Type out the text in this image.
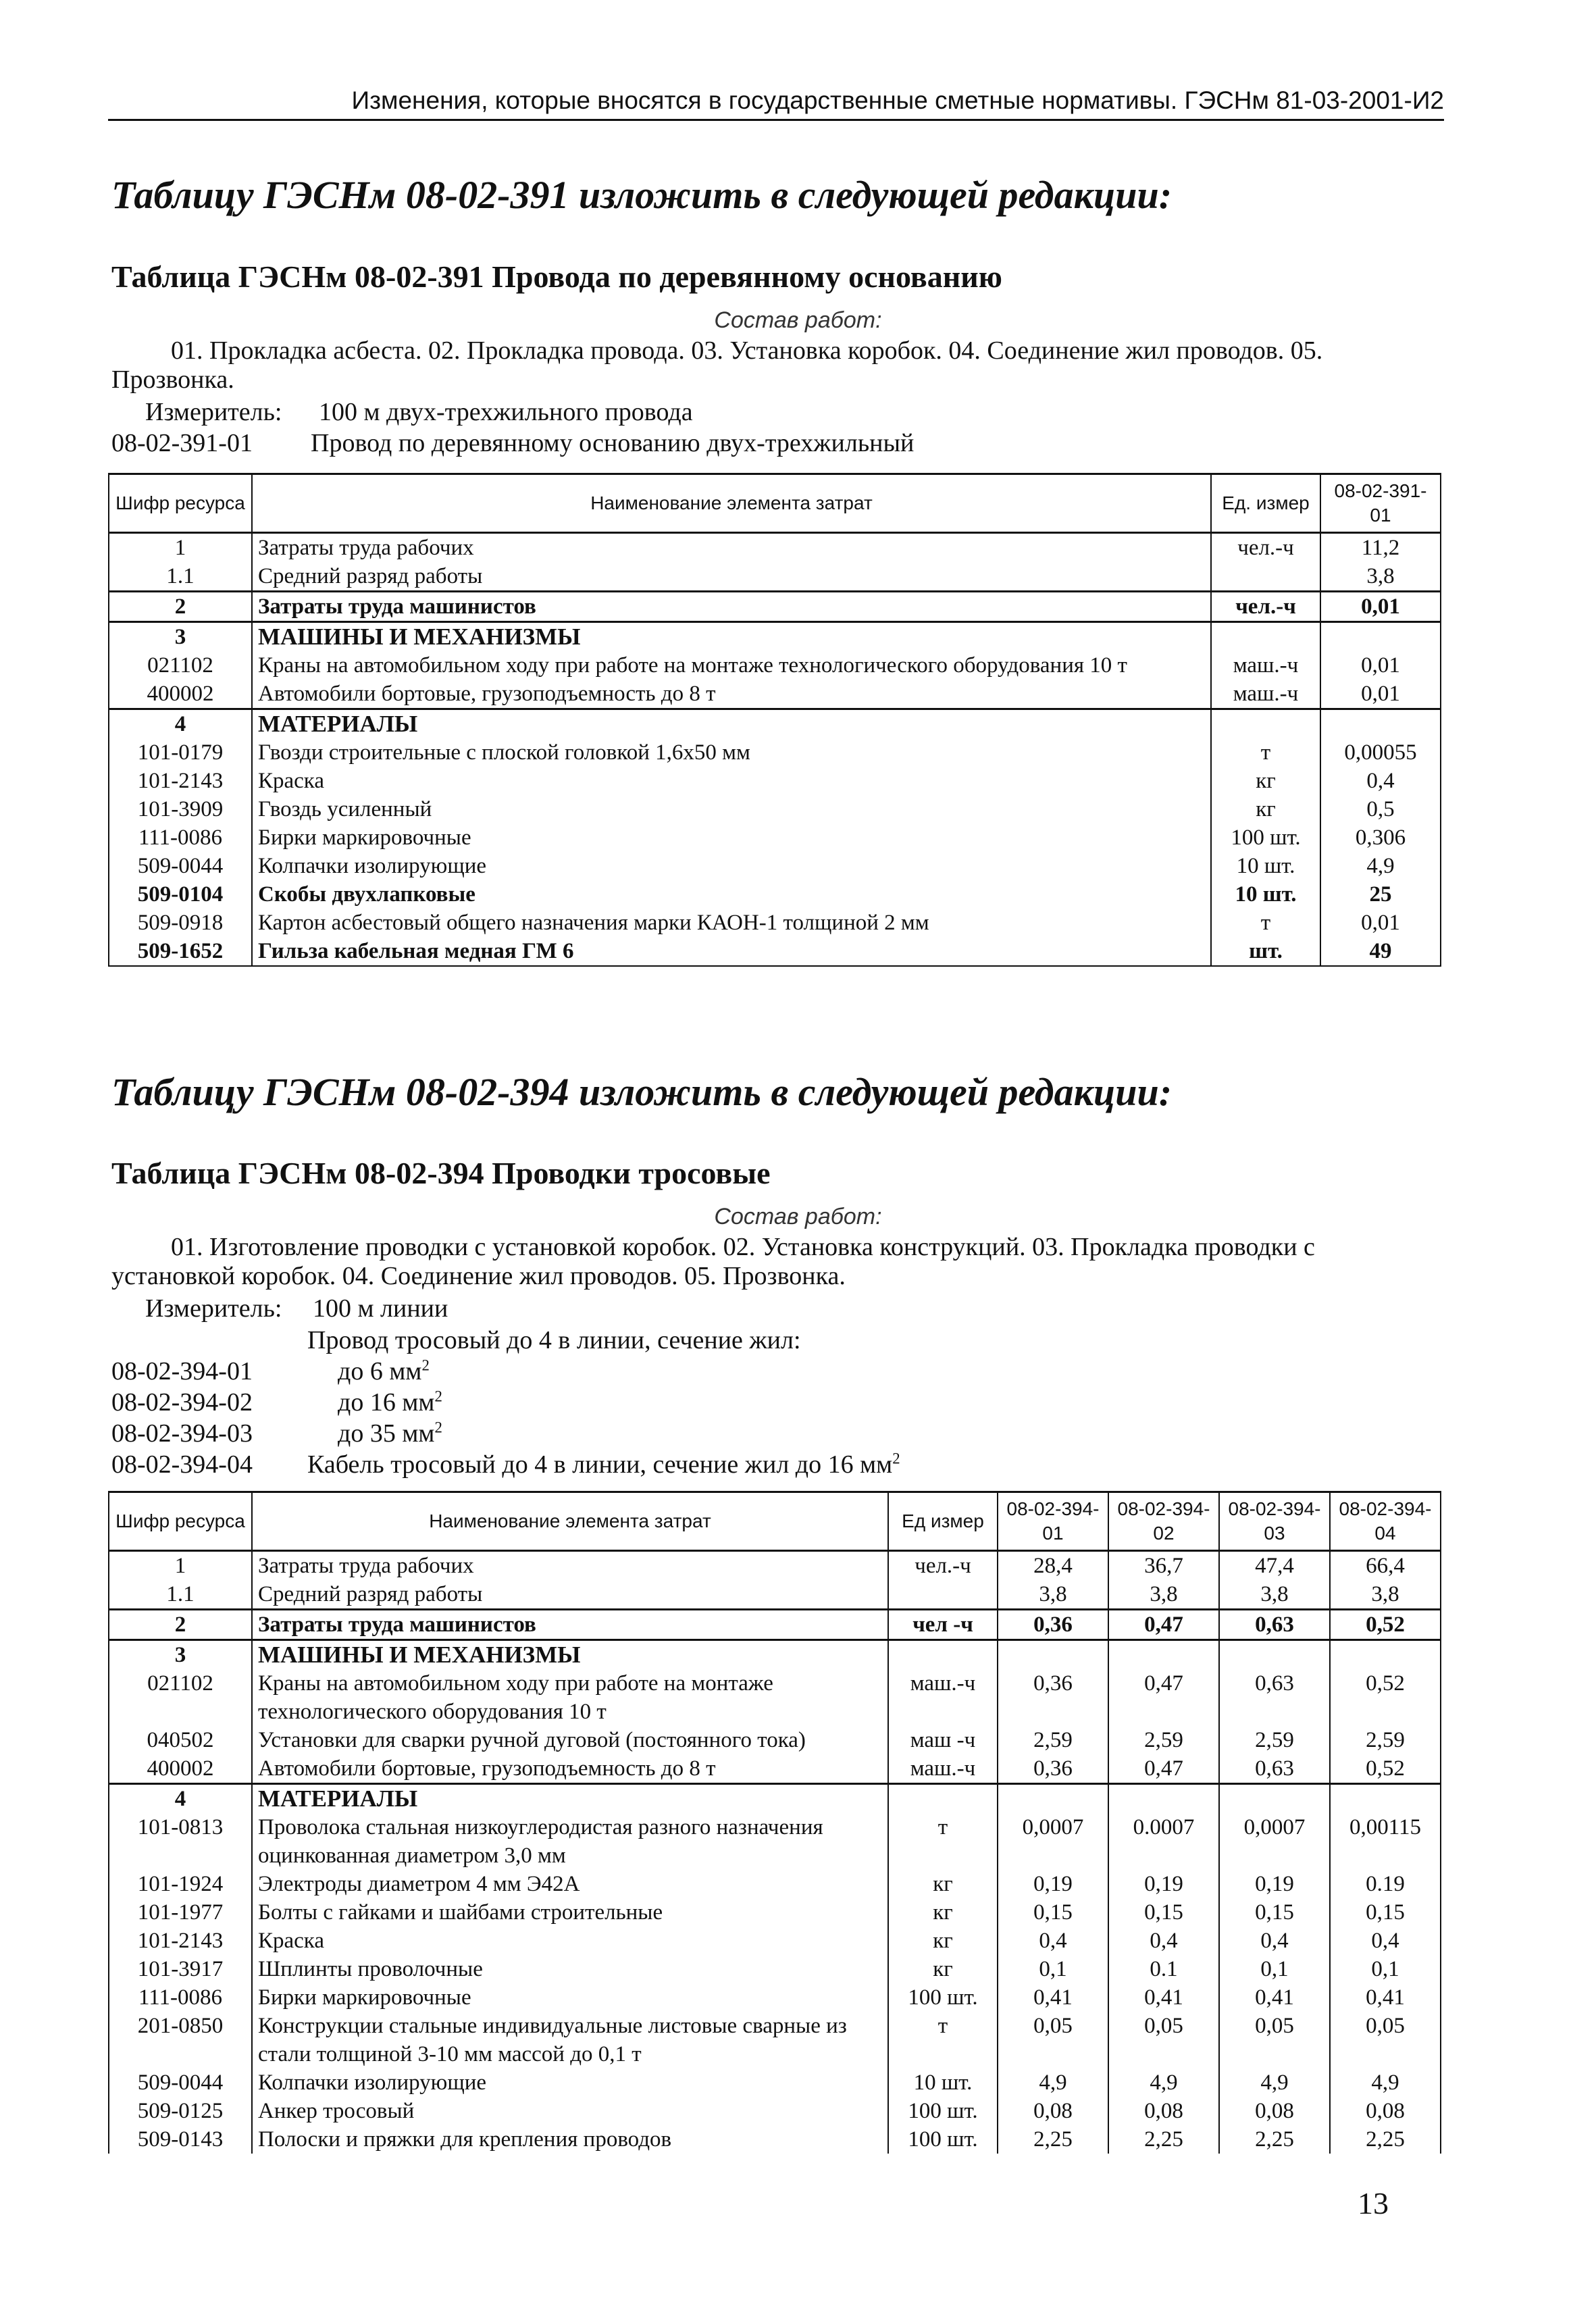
Изменения, которые вносятся в государственные сметные нормативы. ГЭСНм 81-03-2001-И2
Таблицу ГЭСНм 08-02-391 изложить в следующей редакции:
Таблица ГЭСНм 08-02-391 Провода по деревянному основанию
Состав работ:
01. Прокладка асбеста. 02. Прокладка провода. 03. Установка коробок. 04. Соединение жил проводов. 05. Прозвонка.
Измеритель: 100 м двух-трехжильного провода
08-02-391-01 Провод по деревянному основанию двух-трехжильный
Шифр ресурса	Наименование элемента затрат	Ед. измер	08-02-391-01
1	Затраты труда рабочих	чел.-ч	11,2
1.1	Средний разряд работы		3,8
2	Затраты труда машинистов	чел.-ч	0,01
3	МАШИНЫ И МЕХАНИЗМЫ		
021102	Краны на автомобильном ходу при работе на монтаже технологического оборудования 10 т	маш.-ч	0,01
400002	Автомобили бортовые, грузоподъемность до 8 т	маш.-ч	0,01
4	МАТЕРИАЛЫ		
101-0179	Гвозди строительные с плоской головкой 1,6х50 мм	т	0,00055
101-2143	Краска	кг	0,4
101-3909	Гвоздь усиленный	кг	0,5
111-0086	Бирки маркировочные	100 шт.	0,306
509-0044	Колпачки изолирующие	10 шт.	4,9
509-0104	Скобы двухлапковые	10 шт.	25
509-0918	Картон асбестовый общего назначения марки КАОН-1 толщиной 2 мм	т	0,01
509-1652	Гильза кабельная медная ГМ 6	шт.	49
Таблицу ГЭСНм 08-02-394 изложить в следующей редакции:
Таблица ГЭСНм 08-02-394 Проводки тросовые
Состав работ:
01. Изготовление проводки с установкой коробок. 02. Установка конструкций. 03. Прокладка проводки с установкой коробок. 04. Соединение жил проводов. 05. Прозвонка.
Измеритель: 100 м линии
Провод тросовый до 4 в линии, сечение жил:
08-02-394-01	до 6 $мм^2$
08-02-394-02	до 16 $мм^2$
08-02-394-03	до 35 $мм^2$
08-02-394-04 Кабель тросовый до 4 в линии, сечение жил до 16 $мм^2$
Шифр ресурса	Наименование элемента затрат	Ед измер	08-02-394-01	08-02-394-02	08-02-394-03	08-02-394-04
1	Затраты труда рабочих	чел.-ч	28,4	36,7	47,4	66,4
1.1	Средний разряд работы		3,8	3,8	3,8	3,8
2	Затраты труда машинистов	чел -ч	0,36	0,47	0,63	0,52
3	МАШИНЫ И МЕХАНИЗМЫ					
021102	Краны на автомобильном ходу при работе на монтаже технологического оборудования 10 т	маш.-ч	0,36	0,47	0,63	0,52
040502	Установки для сварки ручной дуговой (постоянного тока)	маш -ч	2,59	2,59	2,59	2,59
400002	Автомобили бортовые, грузоподъемность до 8 т	маш.-ч	0,36	0,47	0,63	0,52
4	МАТЕРИАЛЫ					
101-0813	Проволока стальная низкоуглеродистая разного назначения оцинкованная диаметром 3,0 мм	т	0,0007	0.0007	0,0007	0,00115
101-1924	Электроды диаметром 4 мм Э42А	кг	0,19	0,19	0,19	0.19
101-1977	Болты с гайками и шайбами строительные	кг	0,15	0,15	0,15	0,15
101-2143	Краска	кг	0,4	0,4	0,4	0,4
101-3917	Шплинты проволочные	кг	0,1	0.1	0,1	0,1
111-0086	Бирки маркировочные	100 шт.	0,41	0,41	0,41	0,41
201-0850	Конструкции стальные индивидуальные листовые сварные из стали толщиной 3-10 мм массой до 0,1 т	т	0,05	0,05	0,05	0,05
509-0044	Колпачки изолирующие	10 шт.	4,9	4,9	4,9	4,9
509-0125	Анкер тросовый	100 шт.	0,08	0,08	0,08	0,08
509-0143	Полоски и пряжки для крепления проводов	100 шт.	2,25	2,25	2,25	2,25
13
